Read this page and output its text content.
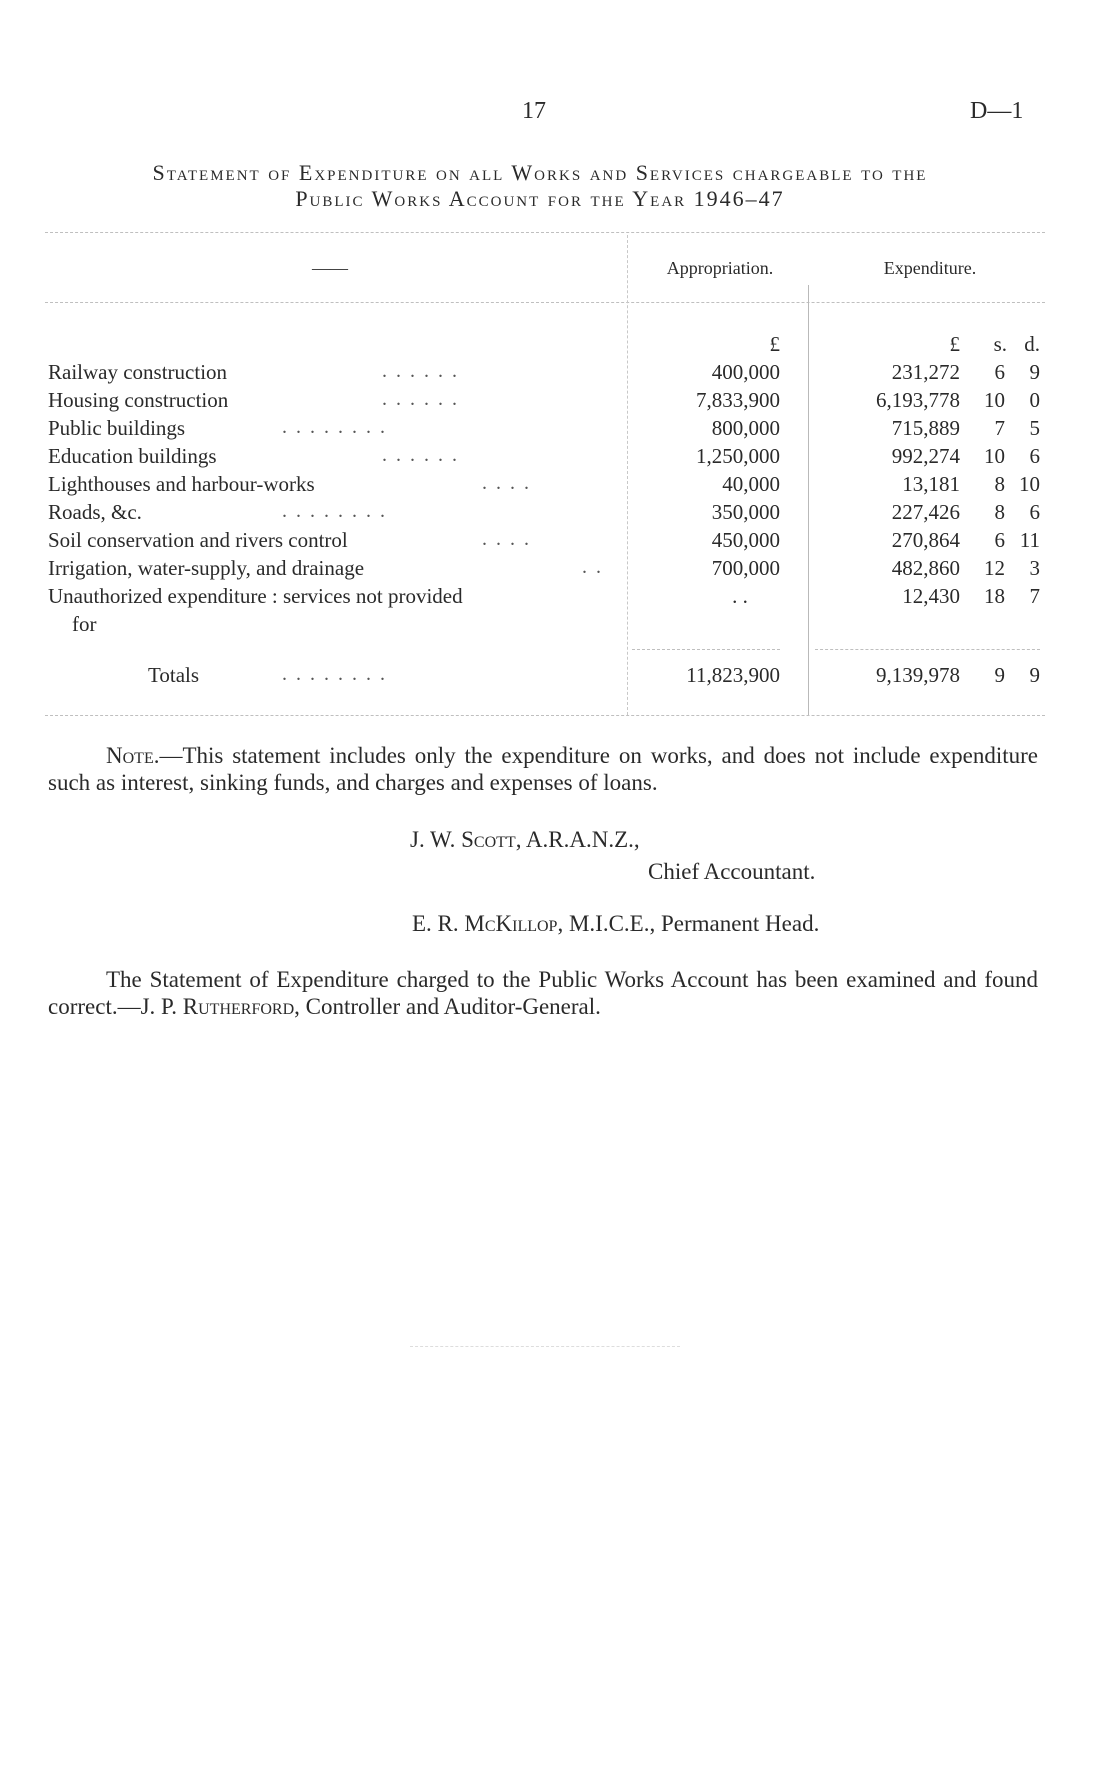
17	D—1
Statement of Expenditure on all Works and Services chargeable to the
Public Works Account for the Year 1946–47
——	Appropriation.	Expenditure.
£	£	s. d.
Railway construction	. . . . . .	400,000	231,272	6	9
Housing construction	. . . . . .	7,833,900	6,193,778	10	0
Public buildings	. . . . . . . .	800,000	715,889	7	5
Education buildings	. . . . . .	1,250,000	992,274	10	6
Lighthouses and harbour-works	. . . .	40,000	13,181	8 10
Roads, &c.	. . . . . . . .	350,000	227,426	8	6
Soil conservation and rivers control	. . . .	450,000	270,864	6 11
Irrigation, water-supply, and drainage	. .	700,000	482,860	12	3
Unauthorized expenditure : services not provided
for
. .	12,430	18	7
Totals	. . . . . . . .	11,823,900	9,139,978	9	9
Note.—This statement includes only the expenditure on works, and does not include expenditure such as interest, sinking funds, and charges and expenses of loans.
J. W. Scott, A.R.A.N.Z.,
Chief Accountant.
E. R. McKillop, M.I.C.E., Permanent Head.
The Statement of Expenditure charged to the Public Works Account has been examined and found correct.—J. P. Rutherford, Controller and Auditor-General.
